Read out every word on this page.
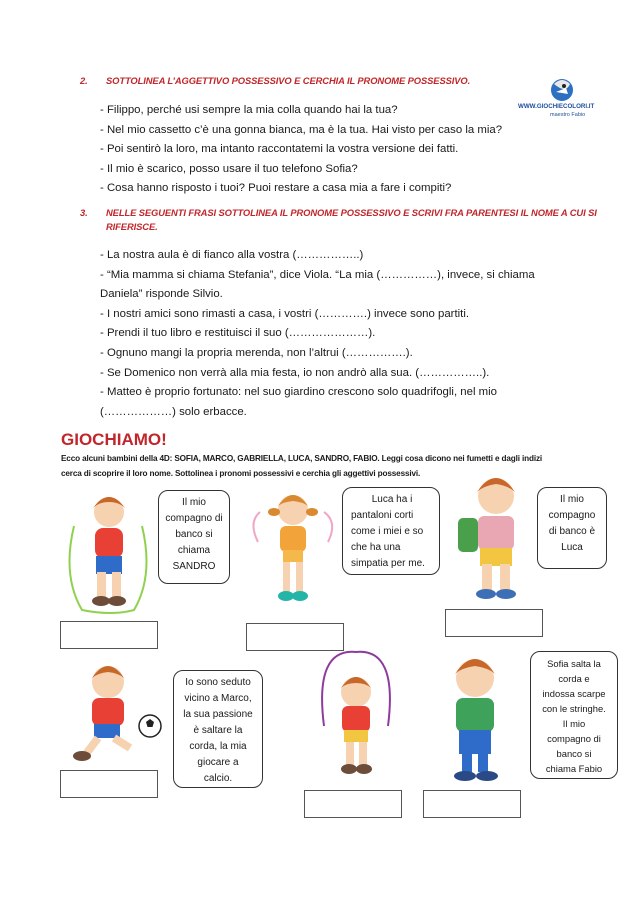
WWW.GIOCHIECOLORI.IT
maestro Fabio
2. SOTTOLINEA L’AGGETTIVO POSSESSIVO E CERCHIA IL PRONOME POSSESSIVO.
- Filippo, perché usi sempre la mia colla quando hai la tua?
- Nel mio cassetto c’è una gonna bianca, ma è la tua. Hai visto per caso la mia?
- Poi sentirò la loro, ma intanto raccontatemi la vostra versione dei fatti.
- Il mio è scarico, posso usare il tuo telefono Sofia?
- Cosa hanno risposto i tuoi? Puoi restare a casa mia a fare i compiti?
3. NELLE SEGUENTI FRASI SOTTOLINEA IL PRONOME POSSESSIVO E SCRIVI FRA PARENTESI IL NOME A CUI SI
RIFERISCE.
- La nostra aula è di fianco alla vostra (……………..)
- “Mia mamma si chiama Stefania”, dice Viola. “La mia (……………), invece, si chiama
Daniela” risponde Silvio.
- I nostri amici sono rimasti a casa, i vostri (………….) invece sono partiti.
- Prendi il tuo libro e restituisci il suo (…………………).
- Ognuno mangi la propria merenda, non l’altrui (…………….).
- Se Domenico non verrà alla mia festa, io non andrò alla sua. (……………..).
- Matteo è proprio fortunato: nel suo giardino crescono solo quadrifogli, nel mio
(………………) solo erbacce.
GIOCHIAMO!
Ecco alcuni bambini della 4D: SOFIA, MARCO, GABRIELLA, LUCA, SANDRO, FABIO. Leggi cosa dicono nei fumetti e dagli indizi
cerca di scoprire il loro nome. Sottolinea i pronomi possessivi e cerchia gli aggettivi possessivi.
Il mio
compagno di
banco si
chiama
SANDRO
Luca ha i
pantaloni corti
come i miei e so
che ha una
simpatia per me.
Il mio
compagno
di banco è
Luca
Io sono seduto
vicino a Marco,
la sua passione
è saltare la
corda, la mia
giocare a
calcio.
Sofia salta la
corda e
indossa scarpe
con le stringhe.
Il mio
compagno di
banco si
chiama Fabio
